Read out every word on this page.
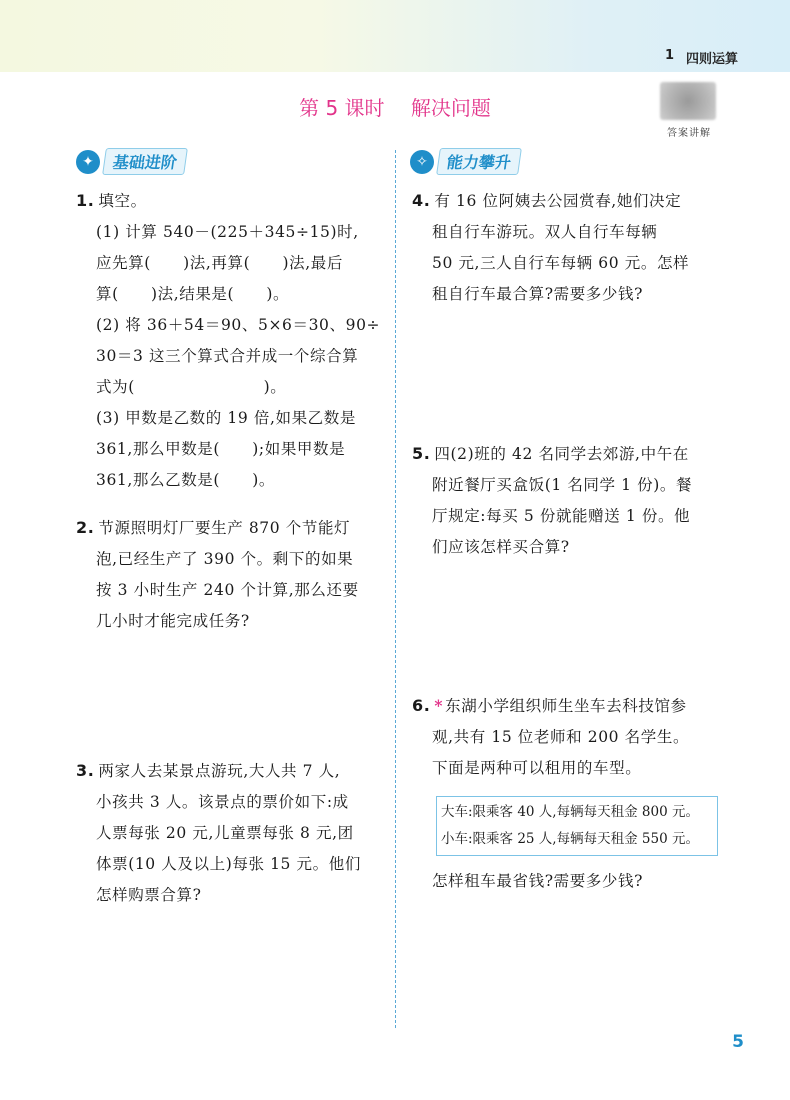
1 四则运算
答案讲解
第 5 课时 解决问题
✦	基础进阶	✧	能力攀升

1. 填空。

(1) 计算 540－(225＋345÷15)时,

应先算(　　)法,再算(　　)法,最后

算(　　)法,结果是(　　)。

(2) 将 36＋54＝90、5×6＝30、90÷

30＝3 这三个算式合并成一个综合算

式为(　　　　　　　　)。

(3) 甲数是乙数的 19 倍,如果乙数是

361,那么甲数是(　　);如果甲数是

361,那么乙数是(　　)。

2. 节源照明灯厂要生产 870 个节能灯

泡,已经生产了 390 个。剩下的如果

按 3 小时生产 240 个计算,那么还要

几小时才能完成任务?

3. 两家人去某景点游玩,大人共 7 人,

小孩共 3 人。该景点的票价如下:成

人票每张 20 元,儿童票每张 8 元,团

体票(10 人及以上)每张 15 元。他们

怎样购票合算?

4. 有 16 位阿姨去公园赏春,她们决定

租自行车游玩。双人自行车每辆

50 元,三人自行车每辆 60 元。怎样

租自行车最合算?需要多少钱?

5. 四(2)班的 42 名同学去郊游,中午在

附近餐厅买盒饭(1 名同学 1 份)。餐

厅规定:每买 5 份就能赠送 1 份。他

们应该怎样买合算?

6. * 东湖小学组织师生坐车去科技馆参

观,共有 15 位老师和 200 名学生。

下面是两种可以租用的车型。

大车:限乘客 40 人,每辆每天租金 800 元。
小车:限乘客 25 人,每辆每天租金 550 元。

怎样租车最省钱?需要多少钱?

5
